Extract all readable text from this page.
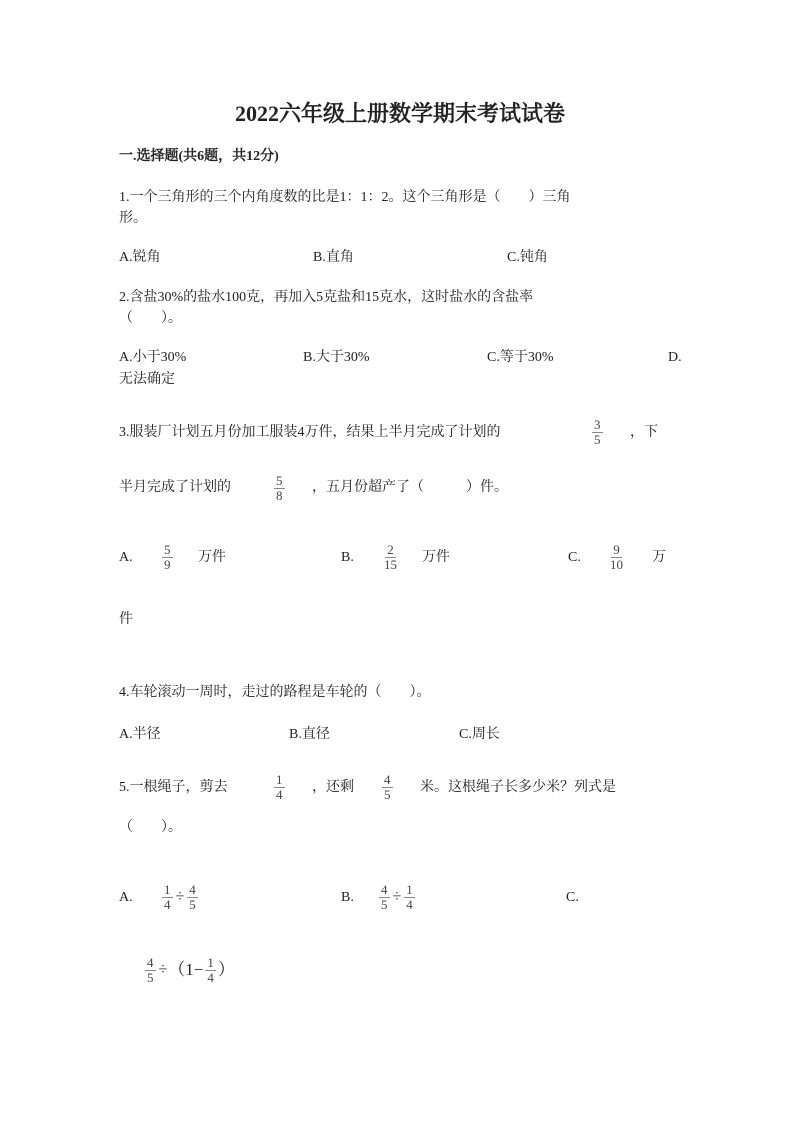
2022六年级上册数学期末考试试卷
一.选择题(共6题，共12分)
1.一个三角形的三个内角度数的比是1：1：2。这个三角形是（　　）三角
形。
A.锐角	B.直角	C.钝角
2.含盐30%的盐水100克，再加入5克盐和15克水，这时盐水的含盐率
（　　）。
A.小于30%	B.大于30%	C.等于30%	D.
无法确定
3.服装厂计划五月份加工服装4万件，结果上半月完成了计划的	$\frac{3}{5}$ ，下
半月完成了计划的	$\frac{5}{8}$ ，五月份超产了（　　　）件。
A. $\frac{5}{9}$ 万件	B. $\frac{2}{15}$ 万件	C. $\frac{9}{10}$ 万
件
4.车轮滚动一周时，走过的路程是车轮的（　　）。
A.半径	B.直径	C.周长
5.一根绳子，剪去	$\frac{1}{4}$ ，还剩 $\frac{4}{5}$ 米。这根绳子长多少米？列式是
（　　）。
A. $\frac{1}{4} \div \frac{4}{5}$	B. $\frac{4}{5} \div \frac{1}{4}$	C.
$\frac{4}{5} \div(1- \frac{1}{4}$ ）
